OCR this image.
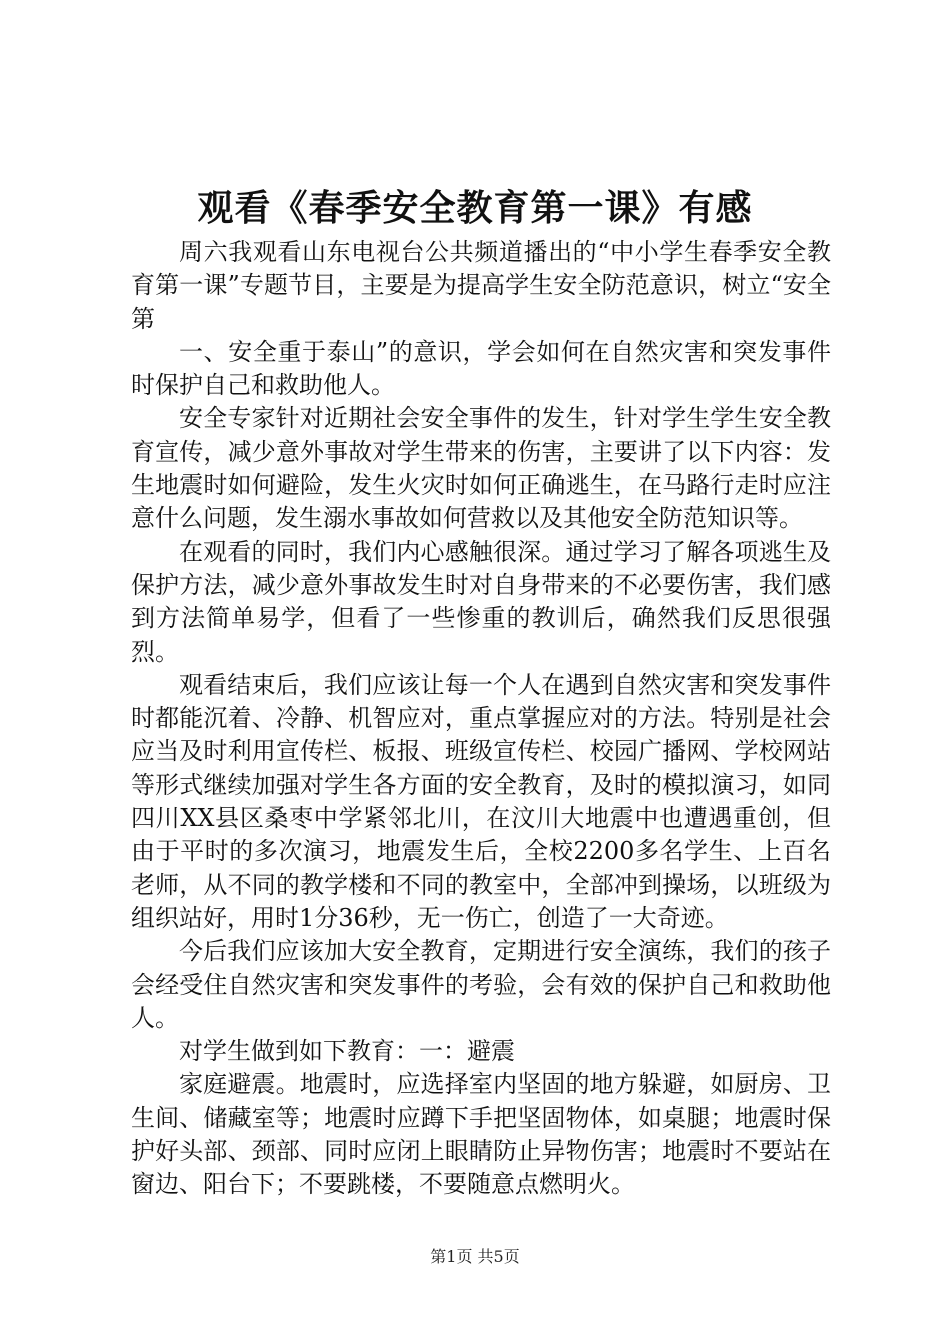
观看《春季安全教育第一课》有感

周六我观看山东电视台公共频道播出的“中小学生春季安全教育第一课”专题节目，主要是为提高学生安全防范意识，树立“安全第

一、安全重于泰山”的意识，学会如何在自然灾害和突发事件时保护自己和救助他人。

安全专家针对近期社会安全事件的发生，针对学生学生安全教育宣传，减少意外事故对学生带来的伤害，主要讲了以下内容：发生地震时如何避险，发生火灾时如何正确逃生，在马路行走时应注意什么问题，发生溺水事故如何营救以及其他安全防范知识等。

在观看的同时，我们内心感触很深。通过学习了解各项逃生及保护方法，减少意外事故发生时对自身带来的不必要伤害，我们感到方法简单易学，但看了一些惨重的教训后，确然我们反思很强烈。

观看结束后，我们应该让每一个人在遇到自然灾害和突发事件时都能沉着、冷静、机智应对，重点掌握应对的方法。特别是社会应当及时利用宣传栏、板报、班级宣传栏、校园广播网、学校网站等形式继续加强对学生各方面的安全教育，及时的模拟演习，如同四川XX县区桑枣中学紧邻北川，在汶川大地震中也遭遇重创，但由于平时的多次演习，地震发生后，全校2200多名学生、上百名老师，从不同的教学楼和不同的教室中，全部冲到操场，以班级为组织站好，用时1分36秒，无一伤亡，创造了一大奇迹。

今后我们应该加大安全教育，定期进行安全演练，我们的孩子会经受住自然灾害和突发事件的考验，会有效的保护自己和救助他人。

对学生做到如下教育：一：避震

家庭避震。地震时，应选择室内坚固的地方躲避，如厨房、卫生间、储藏室等；地震时应蹲下手把坚固物体，如桌腿；地震时保护好头部、颈部、同时应闭上眼睛防止异物伤害；地震时不要站在窗边、阳台下；不要跳楼，不要随意点燃明火。

第1页 共5页
